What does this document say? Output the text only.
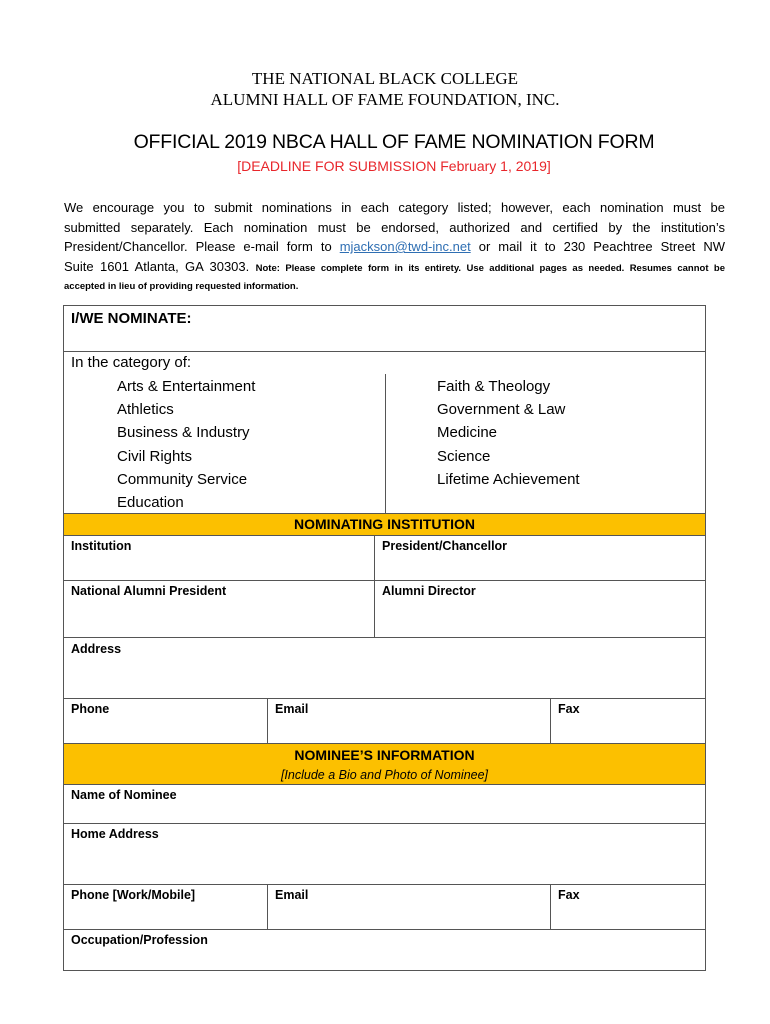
THE NATIONAL BLACK COLLEGE
ALUMNI HALL OF FAME FOUNDATION, INC.
OFFICIAL 2019 NBCA HALL OF FAME NOMINATION FORM
[DEADLINE FOR SUBMISSION February 1, 2019]
We encourage you to submit nominations in each category listed; however, each nomination must be
submitted separately. Each nomination must be endorsed, authorized and certified by the institution’s
President/Chancellor. Please e-mail form to mjackson@twd-inc.net or mail it to 230 Peachtree Street NW
Suite 1601 Atlanta, GA 30303. Note: Please complete form in its entirety. Use additional pages as needed. Resumes cannot be
accepted in lieu of providing requested information.
I/WE NOMINATE:
In the category of:
Arts & Entertainment
Athletics
Business & Industry
Civil Rights
Community Service
Education
Faith & Theology
Government & Law
Medicine
Science
Lifetime Achievement
NOMINATING INSTITUTION
Institution	President/Chancellor
National Alumni President	Alumni Director
Address
Phone	Email	Fax
NOMINEE’S INFORMATION
[Include a Bio and Photo of Nominee]
Name of Nominee
Home Address
Phone [Work/Mobile]	Email	Fax
Occupation/Profession
